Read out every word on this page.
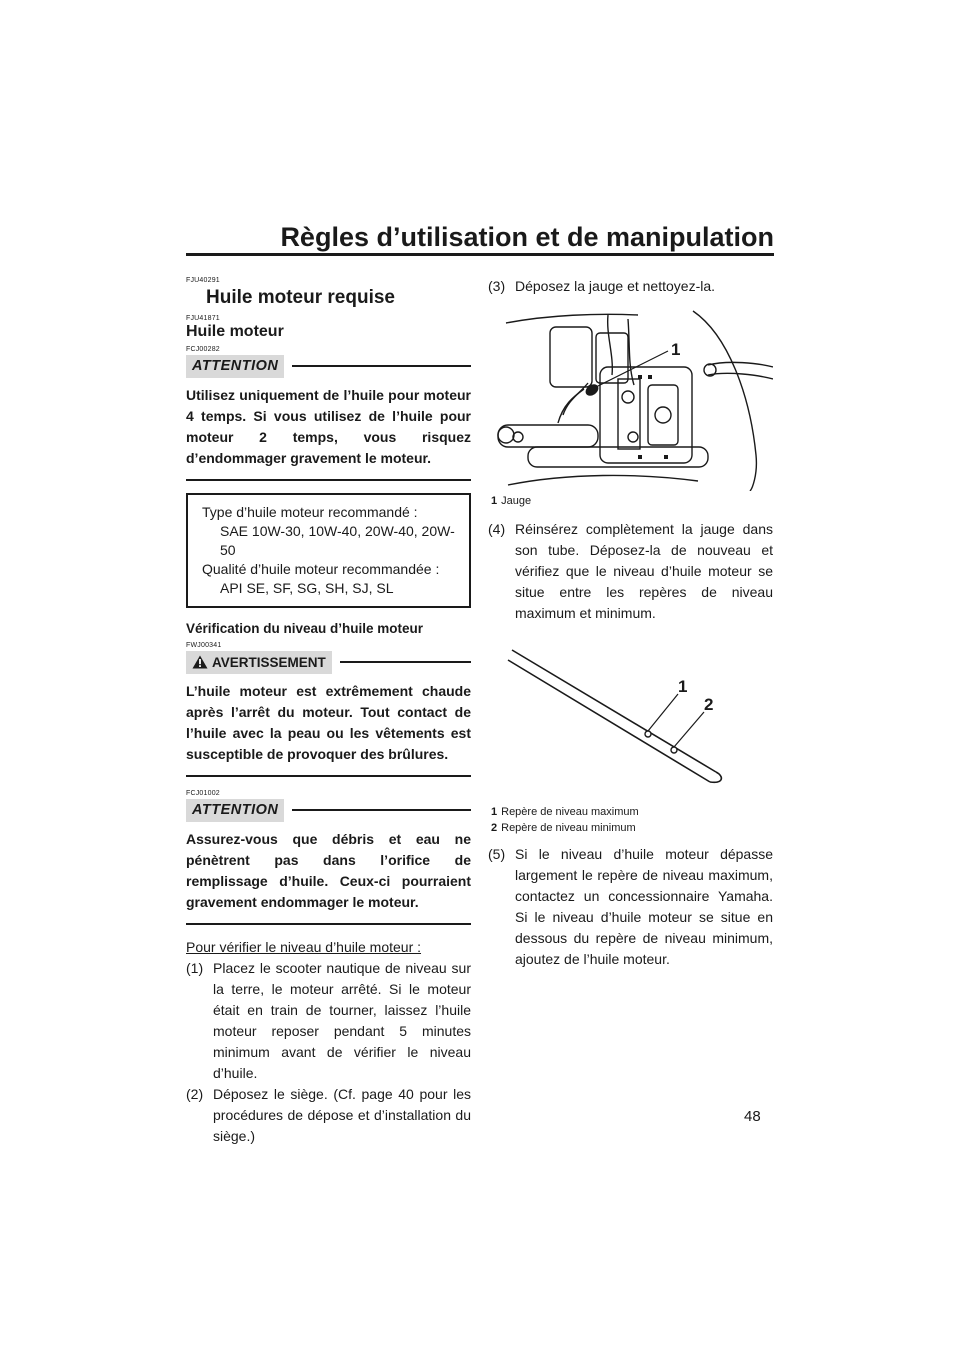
Règles d’utilisation et de manipulation
FJU40291
Huile moteur requise
FJU41871
Huile moteur
FCJ00282
ATTENTION

Utilisez uniquement de l’huile pour moteur 4 temps. Si vous utilisez de l’huile pour moteur 2 temps, vous risquez d’endommager gravement le moteur.

Type d’huile moteur recommandé :
SAE 10W-30, 10W-40, 20W-40, 20W-50
Qualité d’huile moteur recommandée :
API SE, SF, SG, SH, SJ, SL
Vérification du niveau d’huile moteur
FWJ00341
AVERTISSEMENT

L’huile moteur est extrêmement chaude après l’arrêt du moteur. Tout contact de l’huile avec la peau ou les vêtements est susceptible de provoquer des brûlures.

FCJ01002
ATTENTION

Assurez-vous que débris et eau ne pénètrent pas dans l’orifice de remplissage d’huile. Ceux-ci pourraient gravement endommager le moteur.

Pour vérifier le niveau d’huile moteur :

(1) Placez le scooter nautique de niveau sur la terre, le moteur arrêté. Si le moteur était en train de tourner, laissez l’huile moteur reposer pendant 5 minutes minimum avant de vérifier le niveau d’huile.
(2) Déposez le siège. (Cf. page 40 pour les procédures de dépose et d’installation du siège.)
(3) Déposez la jauge et nettoyez-la.
1
1 Jauge
(4) Réinsérez complètement la jauge dans son tube. Déposez-la de nouveau et vérifiez que le niveau d’huile moteur se situe entre les repères de niveau maximum et minimum.
1
2
1 Repère de niveau maximum
2 Repère de niveau minimum
(5) Si le niveau d’huile moteur dépasse largement le repère de niveau maximum, contactez un concessionnaire Yamaha. Si le niveau d’huile moteur se situe en dessous du repère de niveau minimum, ajoutez de l’huile moteur.
48
